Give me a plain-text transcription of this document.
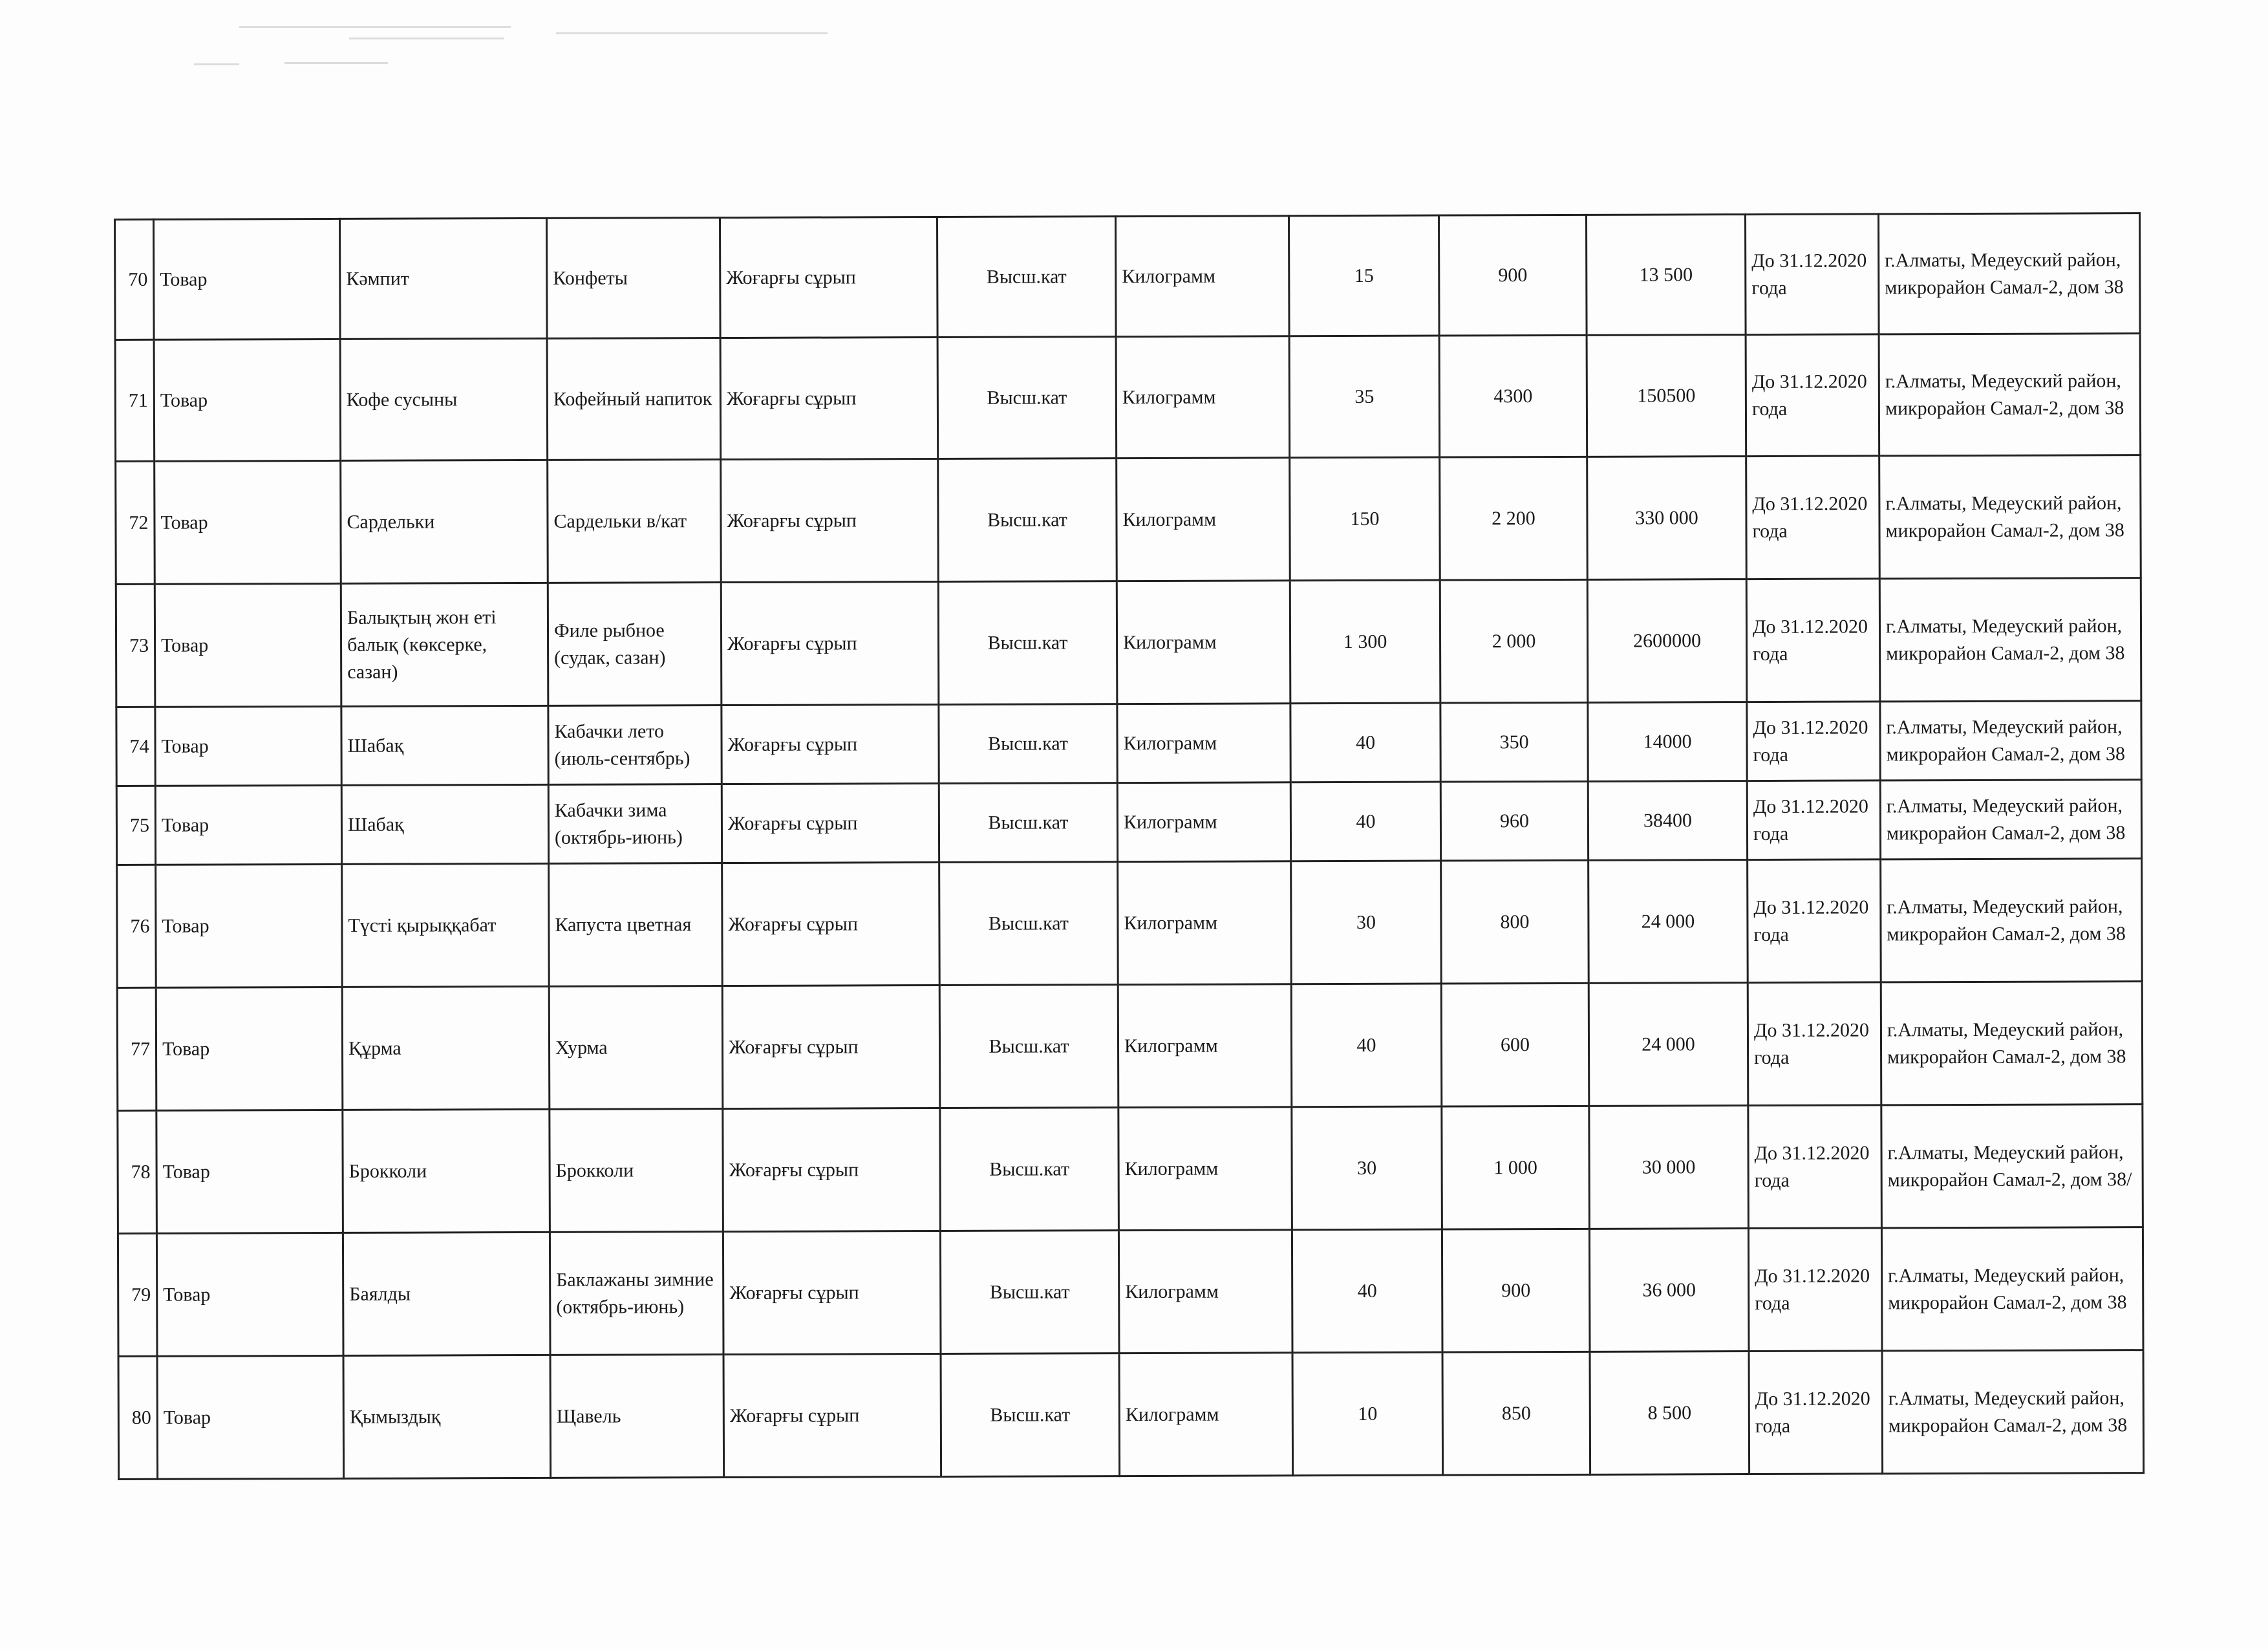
70	Товар	Кәмпит	Конфеты	Жоғарғы сұрып	Высш.кат	Килограмм	15	900	13 500	До 31.12.2020 года	г.Алматы, Медеуский район, микрорайон Самал-2, дом 38
71	Товар	Кофе сусыны	Кофейный напиток	Жоғарғы сұрып	Высш.кат	Килограмм	35	4300	150500	До 31.12.2020 года	г.Алматы, Медеуский район, микрорайон Самал-2, дом 38
72	Товар	Сардельки	Сардельки в/кат	Жоғарғы сұрып	Высш.кат	Килограмм	150	2 200	330 000	До 31.12.2020 года	г.Алматы, Медеуский район, микрорайон Самал-2, дом 38
73	Товар	Балықтың жон еті балық (көксерке, сазан)	Филе рыбное (судак, сазан)	Жоғарғы сұрып	Высш.кат	Килограмм	1 300	2 000	2600000	До 31.12.2020 года	г.Алматы, Медеуский район, микрорайон Самал-2, дом 38
74	Товар	Шабақ	Кабачки лето (июль-сентябрь)	Жоғарғы сұрып	Высш.кат	Килограмм	40	350	14000	До 31.12.2020 года	г.Алматы, Медеуский район, микрорайон Самал-2, дом 38
75	Товар	Шабақ	Кабачки зима (октябрь-июнь)	Жоғарғы сұрып	Высш.кат	Килограмм	40	960	38400	До 31.12.2020 года	г.Алматы, Медеуский район, микрорайон Самал-2, дом 38
76	Товар	Түсті қырыққабат	Капуста цветная	Жоғарғы сұрып	Высш.кат	Килограмм	30	800	24 000	До 31.12.2020 года	г.Алматы, Медеуский район, микрорайон Самал-2, дом 38
77	Товар	Құрма	Хурма	Жоғарғы сұрып	Высш.кат	Килограмм	40	600	24 000	До 31.12.2020 года	г.Алматы, Медеуский район, микрорайон Самал-2, дом 38
78	Товар	Брокколи	Брокколи	Жоғарғы сұрып	Высш.кат	Килограмм	30	1 000	30 000	До 31.12.2020 года	г.Алматы, Медеуский район, микрорайон Самал-2, дом 38/
79	Товар	Баялды	Баклажаны зимние (октябрь-июнь)	Жоғарғы сұрып	Высш.кат	Килограмм	40	900	36 000	До 31.12.2020 года	г.Алматы, Медеуский район, микрорайон Самал-2, дом 38
80	Товар	Қымыздық	Щавель	Жоғарғы сұрып	Высш.кат	Килограмм	10	850	8 500	До 31.12.2020 года	г.Алматы, Медеуский район, микрорайон Самал-2, дом 38
